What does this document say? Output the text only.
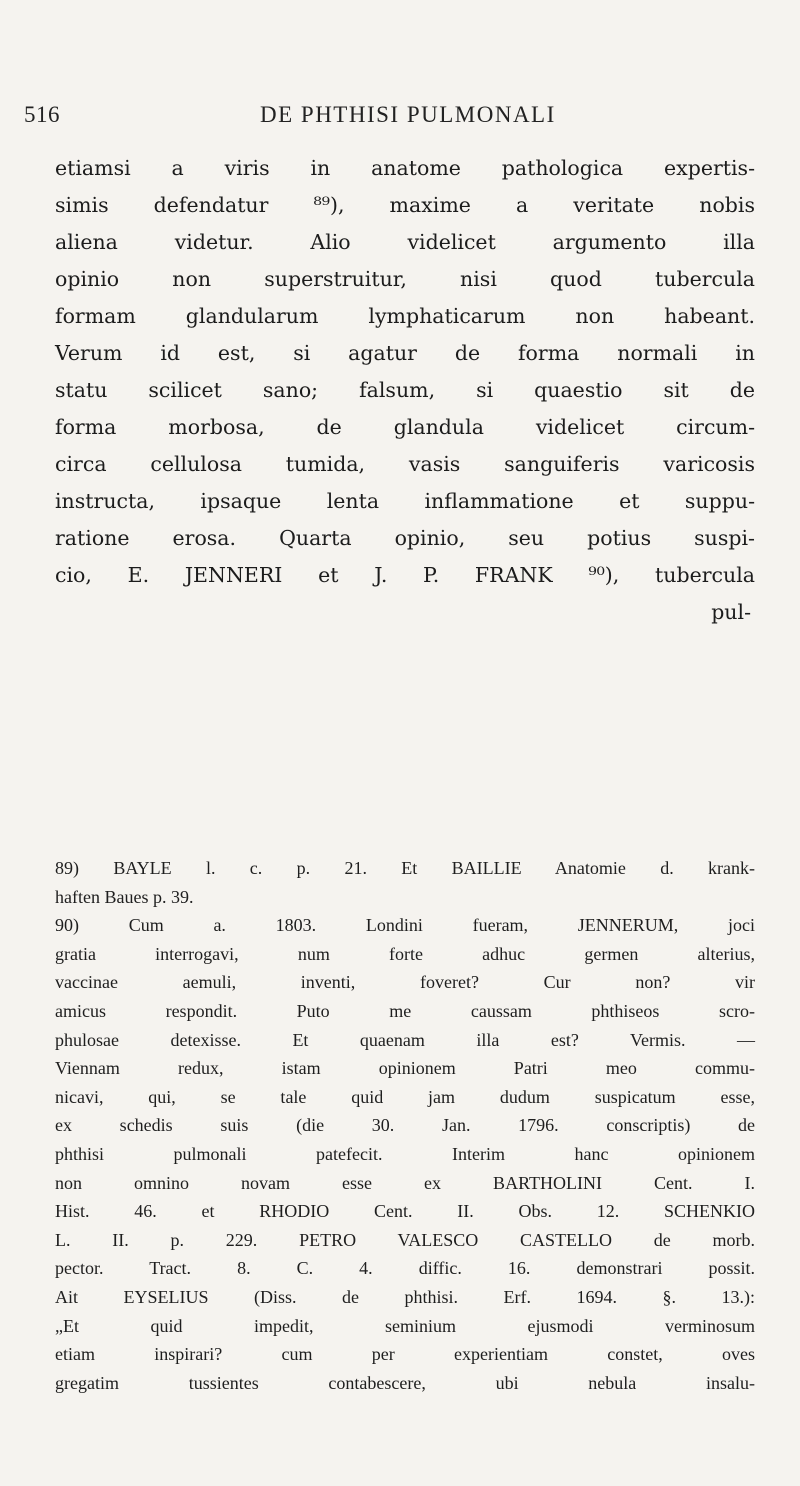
516	DE PHTHISI PULMONALI
etiamsi a viris in anatome pathologica expertis-
simis defendatur ⁸⁹), maxime a veritate nobis
aliena videtur. Alio videlicet argumento illa
opinio non superstruitur, nisi quod tubercula
formam glandularum lymphaticarum non habeant.
Verum id est, si agatur de forma normali in
statu scilicet sano; falsum, si quaestio sit de
forma morbosa, de glandula videlicet circum-
circa cellulosa tumida, vasis sanguiferis varicosis
instructa, ipsaque lenta inflammatione et suppu-
ratione erosa. Quarta opinio, seu potius suspi-
cio, E. JENNERI et J. P. FRANK ⁹⁰), tubercula
pul-
89) BAYLE l. c. p. 21. Et BAILLIE Anatomie d. krank-
haften Baues p. 39.
90) Cum a. 1803. Londini fueram, JENNERUM, joci
gratia interrogavi, num forte adhuc germen alterius,
vaccinae aemuli, inventi, foveret? Cur non? vir
amicus respondit. Puto me caussam phthiseos scro-
phulosae detexisse. Et quaenam illa est? Vermis. —
Viennam redux, istam opinionem Patri meo commu-
nicavi, qui, se tale quid jam dudum suspicatum esse,
ex schedis suis (die 30. Jan. 1796. conscriptis) de
phthisi pulmonali patefecit. Interim hanc opinionem
non omnino novam esse ex BARTHOLINI Cent. I.
Hist. 46. et RHODIO Cent. II. Obs. 12. SCHENKIO
L. II. p. 229. PETRO VALESCO CASTELLO de morb.
pector. Tract. 8. C. 4. diffic. 16. demonstrari possit.
Ait EYSELIUS (Diss. de phthisi. Erf. 1694. §. 13.):
„Et quid impedit, seminium ejusmodi verminosum
etiam inspirari? cum per experientiam constet, oves
gregatim tussientes contabescere, ubi nebula insalu-
